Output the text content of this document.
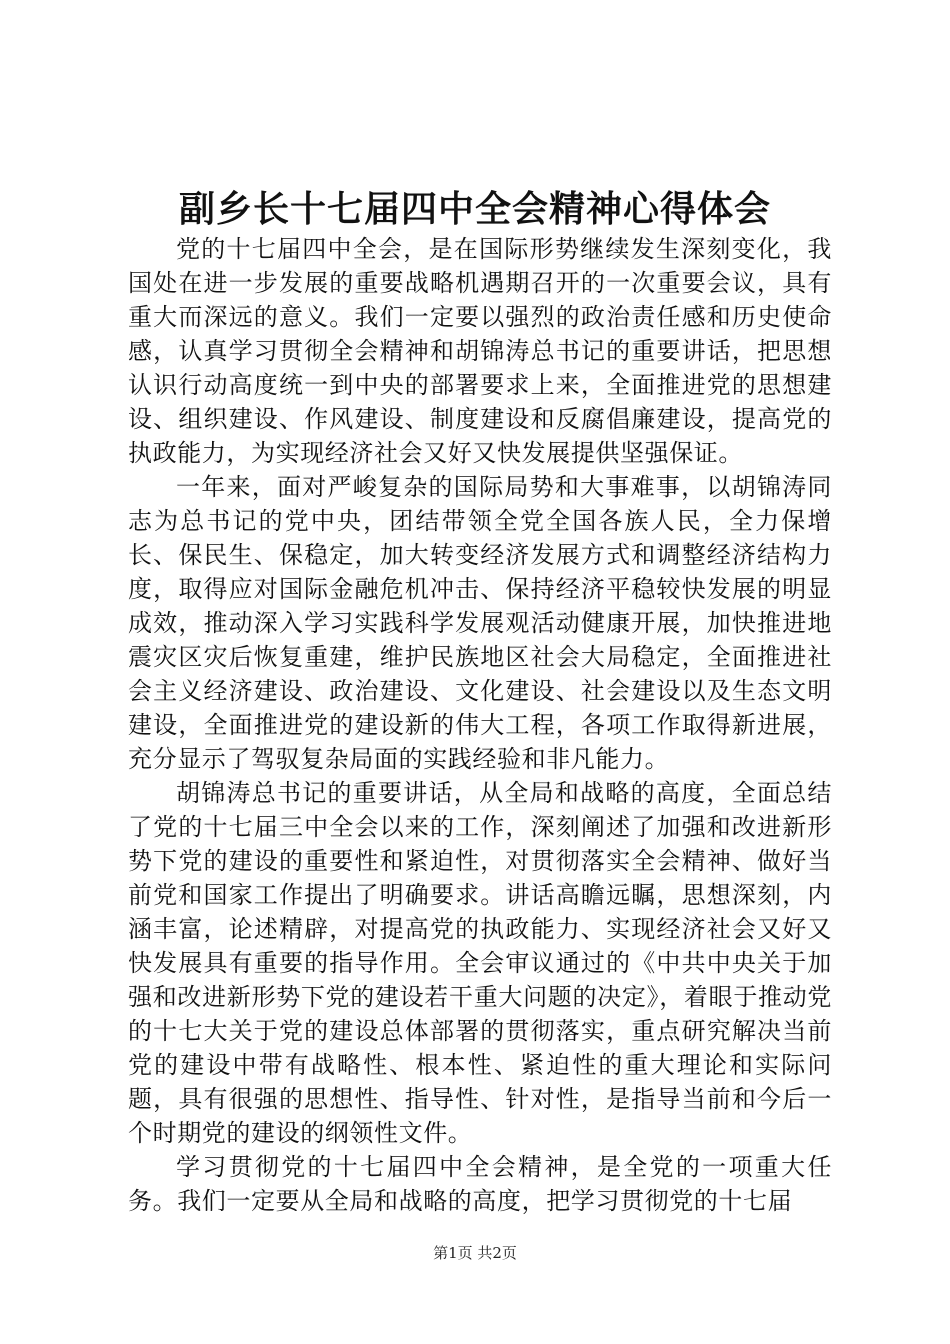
副乡长十七届四中全会精神心得体会

党的十七届四中全会，是在国际形势继续发生深刻变化，我国处在进一步发展的重要战略机遇期召开的一次重要会议，具有重大而深远的意义。我们一定要以强烈的政治责任感和历史使命感，认真学习贯彻全会精神和胡锦涛总书记的重要讲话，把思想认识行动高度统一到中央的部署要求上来，全面推进党的思想建设、组织建设、作风建设、制度建设和反腐倡廉建设，提高党的执政能力，为实现经济社会又好又快发展提供坚强保证。

一年来，面对严峻复杂的国际局势和大事难事，以胡锦涛同志为总书记的党中央，团结带领全党全国各族人民，全力保增长、保民生、保稳定，加大转变经济发展方式和调整经济结构力度，取得应对国际金融危机冲击、保持经济平稳较快发展的明显成效，推动深入学习实践科学发展观活动健康开展，加快推进地震灾区灾后恢复重建，维护民族地区社会大局稳定，全面推进社会主义经济建设、政治建设、文化建设、社会建设以及生态文明建设，全面推进党的建设新的伟大工程，各项工作取得新进展，充分显示了驾驭复杂局面的实践经验和非凡能力。

胡锦涛总书记的重要讲话，从全局和战略的高度，全面总结了党的十七届三中全会以来的工作，深刻阐述了加强和改进新形势下党的建设的重要性和紧迫性，对贯彻落实全会精神、做好当前党和国家工作提出了明确要求。讲话高瞻远瞩，思想深刻，内涵丰富，论述精辟，对提高党的执政能力、实现经济社会又好又快发展具有重要的指导作用。全会审议通过的《中共中央关于加强和改进新形势下党的建设若干重大问题的决定》，着眼于推动党的十七大关于党的建设总体部署的贯彻落实，重点研究解决当前党的建设中带有战略性、根本性、紧迫性的重大理论和实际问题，具有很强的思想性、指导性、针对性，是指导当前和今后一个时期党的建设的纲领性文件。

学习贯彻党的十七届四中全会精神，是全党的一项重大任务。我们一定要从全局和战略的高度，把学习贯彻党的十七届

第1页 共2页
